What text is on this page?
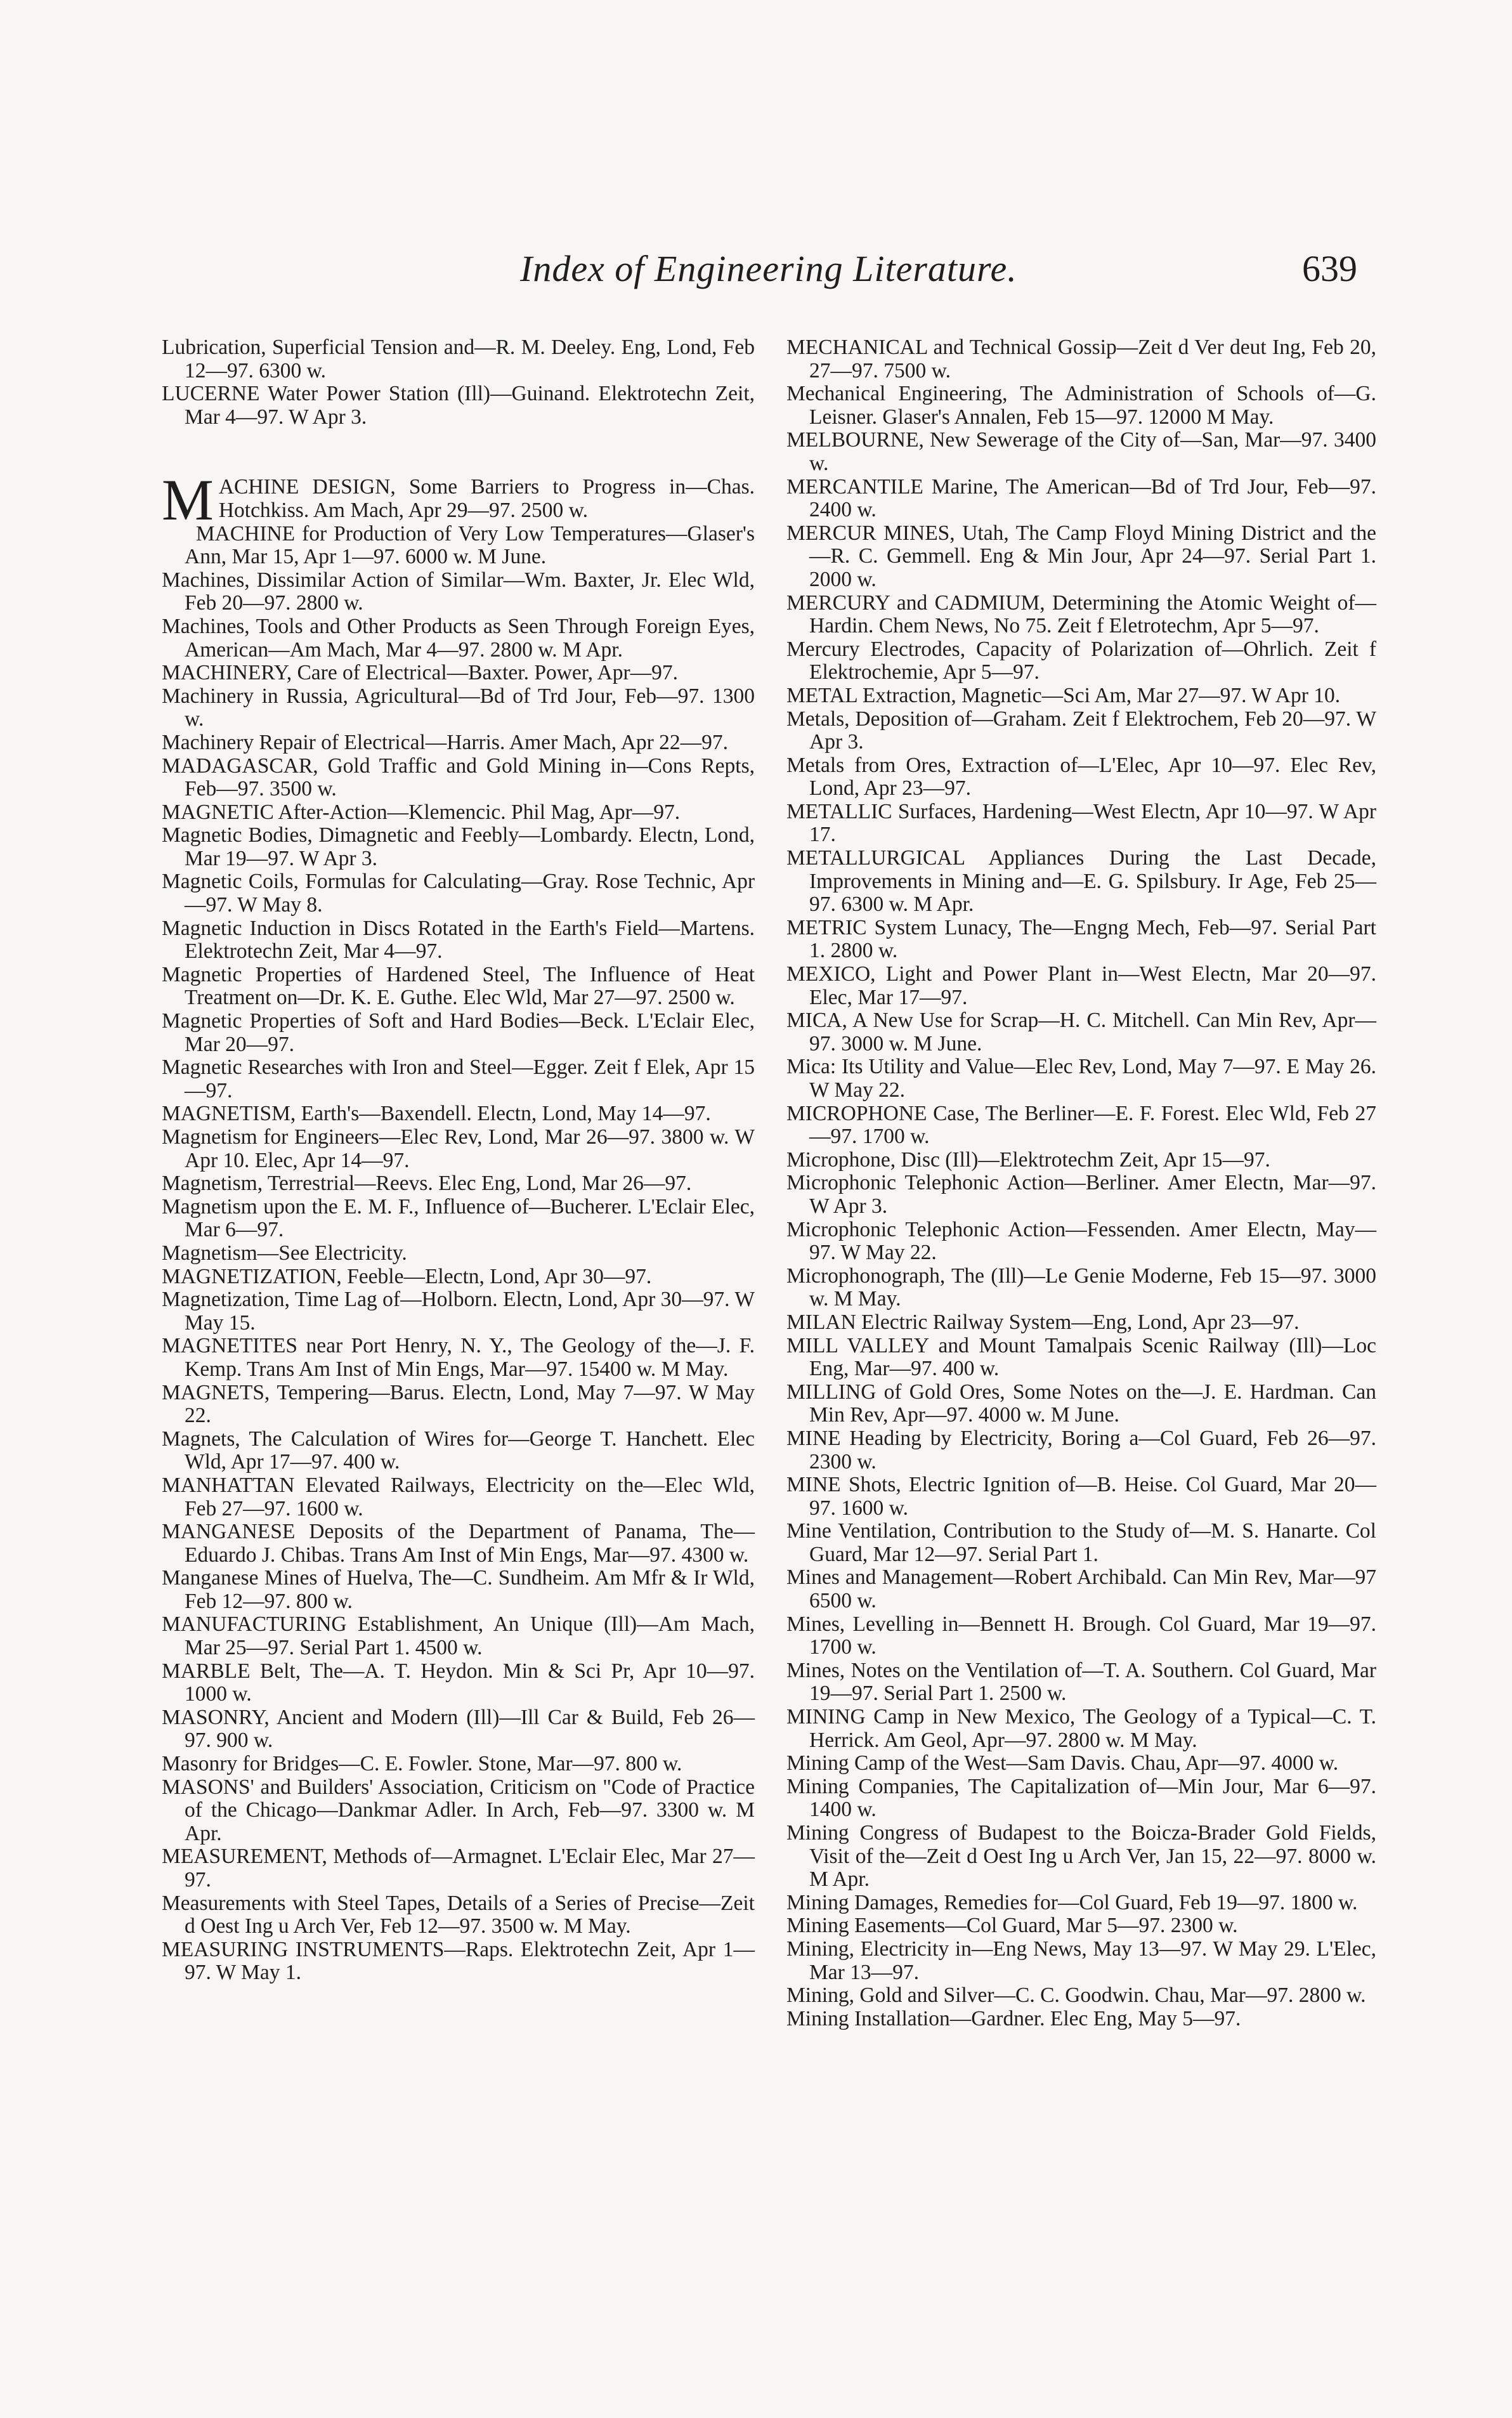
Index of Engineering Literature.	639

Lubrication, Superficial Tension and—R. M. Deeley. Eng, Lond, Feb 12—97. 6300 w.

LUCERNE Water Power Station (Ill)—Guinand. Elektrotechn Zeit, Mar 4—97. W Apr 3.

MACHINE DESIGN, Some Barriers to Progress in—Chas. Hotchkiss. Am Mach, Apr 29—97. 2500 w.

MACHINE for Production of Very Low Temperatures—Glaser's Ann, Mar 15, Apr 1—97. 6000 w. M June.

Machines, Dissimilar Action of Similar—Wm. Baxter, Jr. Elec Wld, Feb 20—97. 2800 w.

Machines, Tools and Other Products as Seen Through Foreign Eyes, American—Am Mach, Mar 4—97. 2800 w. M Apr.

MACHINERY, Care of Electrical—Baxter. Power, Apr—97.

Machinery in Russia, Agricultural—Bd of Trd Jour, Feb—97. 1300 w.

Machinery Repair of Electrical—Harris. Amer Mach, Apr 22—97.

MADAGASCAR, Gold Traffic and Gold Mining in—Cons Repts, Feb—97. 3500 w.

MAGNETIC After-Action—Klemencic. Phil Mag, Apr—97.

Magnetic Bodies, Dimagnetic and Feebly—Lombardy. Electn, Lond, Mar 19—97. W Apr 3.

Magnetic Coils, Formulas for Calculating—Gray. Rose Technic, Apr—97. W May 8.

Magnetic Induction in Discs Rotated in the Earth's Field—Martens. Elektrotechn Zeit, Mar 4—97.

Magnetic Properties of Hardened Steel, The Influence of Heat Treatment on—Dr. K. E. Guthe. Elec Wld, Mar 27—97. 2500 w.

Magnetic Properties of Soft and Hard Bodies—Beck. L'Eclair Elec, Mar 20—97.

Magnetic Researches with Iron and Steel—Egger. Zeit f Elek, Apr 15—97.

MAGNETISM, Earth's—Baxendell. Electn, Lond, May 14—97.

Magnetism for Engineers—Elec Rev, Lond, Mar 26—97. 3800 w. W Apr 10. Elec, Apr 14—97.

Magnetism, Terrestrial—Reevs. Elec Eng, Lond, Mar 26—97.

Magnetism upon the E. M. F., Influence of—Bucherer. L'Eclair Elec, Mar 6—97.

Magnetism—See Electricity.

MAGNETIZATION, Feeble—Electn, Lond, Apr 30—97.

Magnetization, Time Lag of—Holborn. Electn, Lond, Apr 30—97. W May 15.

MAGNETITES near Port Henry, N. Y., The Geology of the—J. F. Kemp. Trans Am Inst of Min Engs, Mar—97. 15400 w. M May.

MAGNETS, Tempering—Barus. Electn, Lond, May 7—97. W May 22.

Magnets, The Calculation of Wires for—George T. Hanchett. Elec Wld, Apr 17—97. 400 w.

MANHATTAN Elevated Railways, Electricity on the—Elec Wld, Feb 27—97. 1600 w.

MANGANESE Deposits of the Department of Panama, The—Eduardo J. Chibas. Trans Am Inst of Min Engs, Mar—97. 4300 w.

Manganese Mines of Huelva, The—C. Sundheim. Am Mfr & Ir Wld, Feb 12—97. 800 w.

MANUFACTURING Establishment, An Unique (Ill)—Am Mach, Mar 25—97. Serial Part 1. 4500 w.

MARBLE Belt, The—A. T. Heydon. Min & Sci Pr, Apr 10—97. 1000 w.

MASONRY, Ancient and Modern (Ill)—Ill Car & Build, Feb 26—97. 900 w.

Masonry for Bridges—C. E. Fowler. Stone, Mar—97. 800 w.

MASONS' and Builders' Association, Criticism on "Code of Practice of the Chicago—Dankmar Adler. In Arch, Feb—97. 3300 w. M Apr.

MEASUREMENT, Methods of—Armagnet. L'Eclair Elec, Mar 27—97.

Measurements with Steel Tapes, Details of a Series of Precise—Zeit d Oest Ing u Arch Ver, Feb 12—97. 3500 w. M May.

MEASURING INSTRUMENTS—Raps. Elektrotechn Zeit, Apr 1—97. W May 1.

MECHANICAL and Technical Gossip—Zeit d Ver deut Ing, Feb 20, 27—97. 7500 w.

Mechanical Engineering, The Administration of Schools of—G. Leisner. Glaser's Annalen, Feb 15—97. 12000 M May.

MELBOURNE, New Sewerage of the City of—San, Mar—97. 3400 w.

MERCANTILE Marine, The American—Bd of Trd Jour, Feb—97. 2400 w.

MERCUR MINES, Utah, The Camp Floyd Mining District and the—R. C. Gemmell. Eng & Min Jour, Apr 24—97. Serial Part 1. 2000 w.

MERCURY and CADMIUM, Determining the Atomic Weight of—Hardin. Chem News, No 75. Zeit f Eletrotechm, Apr 5—97.

Mercury Electrodes, Capacity of Polarization of—Ohrlich. Zeit f Elektrochemie, Apr 5—97.

METAL Extraction, Magnetic—Sci Am, Mar 27—97. W Apr 10.

Metals, Deposition of—Graham. Zeit f Elektrochem, Feb 20—97. W Apr 3.

Metals from Ores, Extraction of—L'Elec, Apr 10—97. Elec Rev, Lond, Apr 23—97.

METALLIC Surfaces, Hardening—West Electn, Apr 10—97. W Apr 17.

METALLURGICAL Appliances During the Last Decade, Improvements in Mining and—E. G. Spilsbury. Ir Age, Feb 25—97. 6300 w. M Apr.

METRIC System Lunacy, The—Engng Mech, Feb—97. Serial Part 1. 2800 w.

MEXICO, Light and Power Plant in—West Electn, Mar 20—97. Elec, Mar 17—97.

MICA, A New Use for Scrap—H. C. Mitchell. Can Min Rev, Apr—97. 3000 w. M June.

Mica: Its Utility and Value—Elec Rev, Lond, May 7—97. E May 26. W May 22.

MICROPHONE Case, The Berliner—E. F. Forest. Elec Wld, Feb 27—97. 1700 w.

Microphone, Disc (Ill)—Elektrotechm Zeit, Apr 15—97.

Microphonic Telephonic Action—Berliner. Amer Electn, Mar—97. W Apr 3.

Microphonic Telephonic Action—Fessenden. Amer Electn, May—97. W May 22.

Microphonograph, The (Ill)—Le Genie Moderne, Feb 15—97. 3000 w. M May.

MILAN Electric Railway System—Eng, Lond, Apr 23—97.

MILL VALLEY and Mount Tamalpais Scenic Railway (Ill)—Loc Eng, Mar—97. 400 w.

MILLING of Gold Ores, Some Notes on the—J. E. Hardman. Can Min Rev, Apr—97. 4000 w. M June.

MINE Heading by Electricity, Boring a—Col Guard, Feb 26—97. 2300 w.

MINE Shots, Electric Ignition of—B. Heise. Col Guard, Mar 20—97. 1600 w.

Mine Ventilation, Contribution to the Study of—M. S. Hanarte. Col Guard, Mar 12—97. Serial Part 1.

Mines and Management—Robert Archibald. Can Min Rev, Mar—97 6500 w.

Mines, Levelling in—Bennett H. Brough. Col Guard, Mar 19—97. 1700 w.

Mines, Notes on the Ventilation of—T. A. Southern. Col Guard, Mar 19—97. Serial Part 1. 2500 w.

MINING Camp in New Mexico, The Geology of a Typical—C. T. Herrick. Am Geol, Apr—97. 2800 w. M May.

Mining Camp of the West—Sam Davis. Chau, Apr—97. 4000 w.

Mining Companies, The Capitalization of—Min Jour, Mar 6—97. 1400 w.

Mining Congress of Budapest to the Boicza-Brader Gold Fields, Visit of the—Zeit d Oest Ing u Arch Ver, Jan 15, 22—97. 8000 w. M Apr.

Mining Damages, Remedies for—Col Guard, Feb 19—97. 1800 w.

Mining Easements—Col Guard, Mar 5—97. 2300 w.

Mining, Electricity in—Eng News, May 13—97. W May 29. L'Elec, Mar 13—97.

Mining, Gold and Silver—C. C. Goodwin. Chau, Mar—97. 2800 w.

Mining Installation—Gardner. Elec Eng, May 5—97.
